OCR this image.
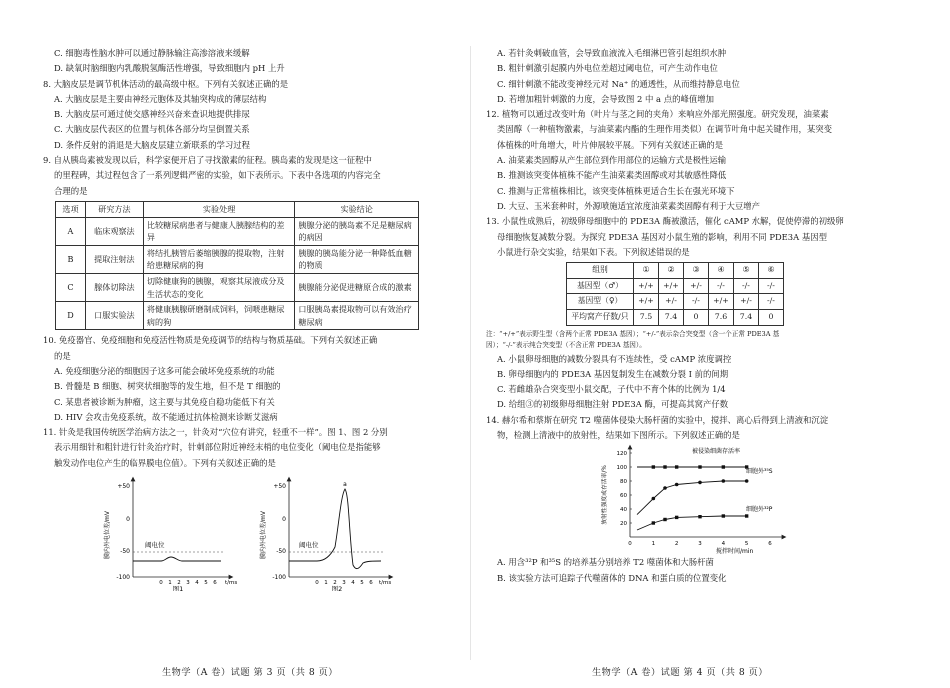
C. 细胞毒性脑水肿可以通过静脉输注高渗溶液来缓解
D. 缺氧时脑细胞内乳酸脱氢酶活性增强，导致细胞内 pH 上升
8. 大脑皮层是调节机体活动的最高级中枢。下列有关叙述正确的是
A. 大脑皮层是主要由神经元胞体及其轴突构成的薄层结构
B. 大脑皮层可通过使交感神经兴奋来查识地提供排尿
C. 大脑皮层代表区的位置与机体各部分均呈倒置关系
D. 条件反射的消退是大脑皮层建立新联系的学习过程
9. 自从胰岛素被发现以后，科学家便开启了寻找激素的征程。胰岛素的发现是这一征程中
的里程碑，其过程包含了一系列逻辑严密的实验，如下表所示。下表中各选项的内容完全
合理的是
选项	研究方法	实验处理	实验结论
A	临床观察法	比较糖尿病患者与健康人胰腺结构的差异	胰腺分泌的胰岛素不足是糖尿病的病因
B	提取注射法	将结扎胰管后萎缩胰腺的提取物，注射给患糖尿病的狗	胰腺的胰岛能分泌一种降低血糖的物质
C	腺体切除法	切除健康狗的胰腺，观察其尿液成分及生活状态的变化	胰腺能分泌促进糖原合成的激素
D	口服实验法	将健康胰腺研磨制成饲料，饲喂患糖尿病的狗	口服胰岛素提取物可以有效治疗糖尿病
10. 免疫器官、免疫细胞和免疫活性物质是免疫调节的结构与物质基础。下列有关叙述正确
的是
A. 免疫细胞分泌的细胞因子这多可能会破坏免疫系统的功能
B. 骨髓是 B 细胞、树突状细胞等的发生地，但不是 T 细胞的
C. 某患者被诊断为肿瘤，这主要与其免疫自稳功能低下有关
D. HIV 会攻击免疫系统，故不能通过抗体检测来诊断艾滋病
11. 针灸是我国传统医学治病方法之一，针灸对“穴位有讲究，轻重不一样”。图 1、图 2 分别
表示用细针和粗针进行针灸治疗时，针刺部位附近神经末梢的电位变化（阈电位是指能够
触发动作电位产生的临界膜电位值）。下列有关叙述正确的是
膜内外电位差/mV
+50
0
-50
-100
阈电位
0 1 2 3 4 5 6 t/ms
图1
膜内外电位差/mV
+50
0
-50
-100
阈电位
a
0 1 2 3 4 5 6 t/ms
图2
生物学（A 卷）试题 第 3 页（共 8 页）
A. 若针灸刺破血管，会导致血液流入毛细淋巴管引起组织水肿
B. 粗针刺激引起膜内外电位差超过阈电位，可产生动作电位
C. 细针刺激不能改变神经元对 Na⁺ 的通透性，从而维持静息电位
D. 若增加粗针刺激的力度，会导致图 2 中 a 点的峰值增加
12. 植物可以通过改变叶角（叶片与茎之间的夹角）来响应外部光照强度。研究发现，油菜素
类固醇（一种植物激素，与油菜素内酯的生理作用类似）在调节叶角中起关键作用，某突变
体植株的叶角增大，叶片伸展较平展。下列有关叙述正确的是
A. 油菜素类固醇从产生部位到作用部位的运输方式是极性运输
B. 推测该突变体植株不能产生油菜素类固醇或对其敏感性降低
C. 推测与正常植株相比，该突变体植株更适合生长在强光环境下
D. 大豆、玉米套种时，外源喷施适宜浓度油菜素类固醇有利于大豆增产
13. 小鼠性成熟后，初级卵母细胞中的 PDE3A 酶被激活，催化 cAMP 水解，促使停滞的初级卵
母细胞恢复减数分裂。为探究 PDE3A 基因对小鼠生殖的影响，利用不同 PDE3A 基因型
小鼠进行杂交实验，结果如下表。下列叙述错误的是
组别	①	②	③	④	⑤	⑥
基因型（♂）	+/+	+/+	+/-	-/-	-/-	-/-
基因型（♀）	+/+	+/-	-/-	+/+	+/-	-/-
平均窝产仔数/只	7.5	7.4	0	7.6	7.4	0
注：“+/+”表示野生型（含两个正常 PDE3A 基因）；“+/-”表示杂合突变型（含一个正常 PDE3A 基
因）；“-/-”表示纯合突变型（不含正常 PDE3A 基因）。
A. 小鼠卵母细胞的减数分裂具有不连续性，受 cAMP 浓度调控
B. 卵母细胞内的 PDE3A 基因复制发生在减数分裂 I 前的间期
C. 若雌雄杂合突变型小鼠交配，子代中不育个体的比例为 1/4
D. 给组③的初级卵母细胞注射 PDE3A 酶，可提高其窝产仔数
14. 赫尔希和蔡斯在研究 T2 噬菌体侵染大肠杆菌的实验中，搅拌、离心后得到上清液和沉淀
物，检测上清液中的放射性，结果如下图所示。下列叙述正确的是
放射性强度或存活率/%
120
100
80
60
40
20
0	1	2	3	4	5	6
搅拌时间/min
被侵染细菌存活率
细胞外³⁵S
细胞外³²P
A. 用含³²P 和³⁵S 的培养基分别培养 T2 噬菌体和大肠杆菌
B. 该实验方法可追踪子代噬菌体的 DNA 和蛋白质的位置变化
生物学（A 卷）试题 第 4 页（共 8 页）
